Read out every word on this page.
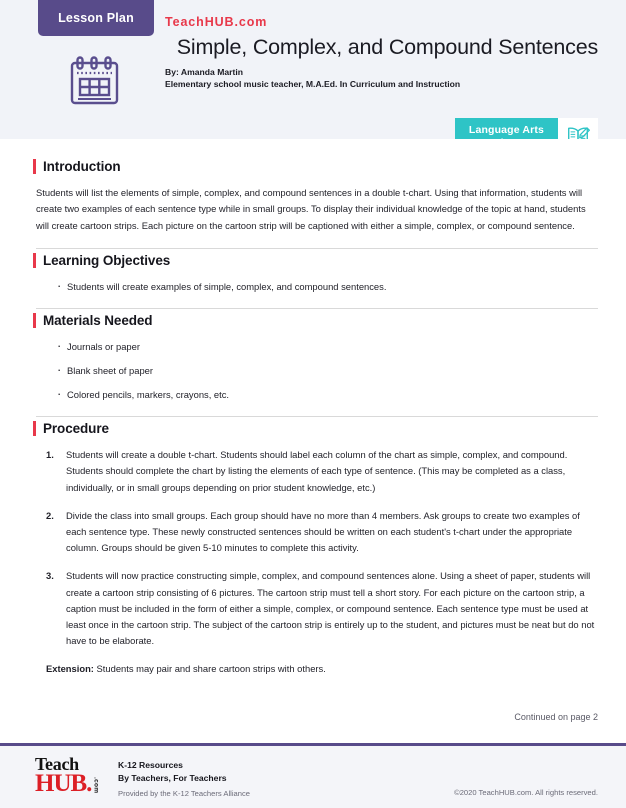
Lesson Plan TeachHUB.com
Simple, Complex, and Compound Sentences
By: Amanda Martin
Elementary school music teacher, M.A.Ed. In Curriculum and Instruction
Language Arts
Introduction

Students will list the elements of simple, complex, and compound sentences in a double t-chart. Using that information, students will create two examples of each sentence type while in small groups. To display their individual knowledge of the topic at hand, students will create cartoon strips. Each picture on the cartoon strip will be captioned with either a simple, complex, or compound sentence.

Learning Objectives
· Students will create examples of simple, complex, and compound sentences.
Materials Needed
· Journals or paper
· Blank sheet of paper
· Colored pencils, markers, crayons, etc.
Procedure
Students will create a double t-chart. Students should label each column of the chart as simple, complex, and compound. Students should complete the chart by listing the elements of each type of sentence. (This may be completed as a class, individually, or in small groups depending on prior student knowledge, etc.)
Divide the class into small groups. Each group should have no more than 4 members. Ask groups to create two examples of each sentence type. These newly constructed sentences should be written on each student's t-chart under the appropriate column. Groups should be given 5-10 minutes to complete this activity.
Students will now practice constructing simple, complex, and compound sentences alone. Using a sheet of paper, students will create a cartoon strip consisting of 6 pictures. The cartoon strip must tell a short story. For each picture on the cartoon strip, a caption must be included in the form of either a simple, complex, or compound sentence. Each sentence type must be used at least once in the cartoon strip. The subject of the cartoon strip is entirely up to the student, and pictures must be neat but do not have to be elaborate.

Extension: Students may pair and share cartoon strips with others.

Continued on page 2
Teach
HUB. .com
K-12 Resources
By Teachers, For Teachers
Provided by the K-12 Teachers Alliance	©2020 TeachHUB.com. All rights reserved.
